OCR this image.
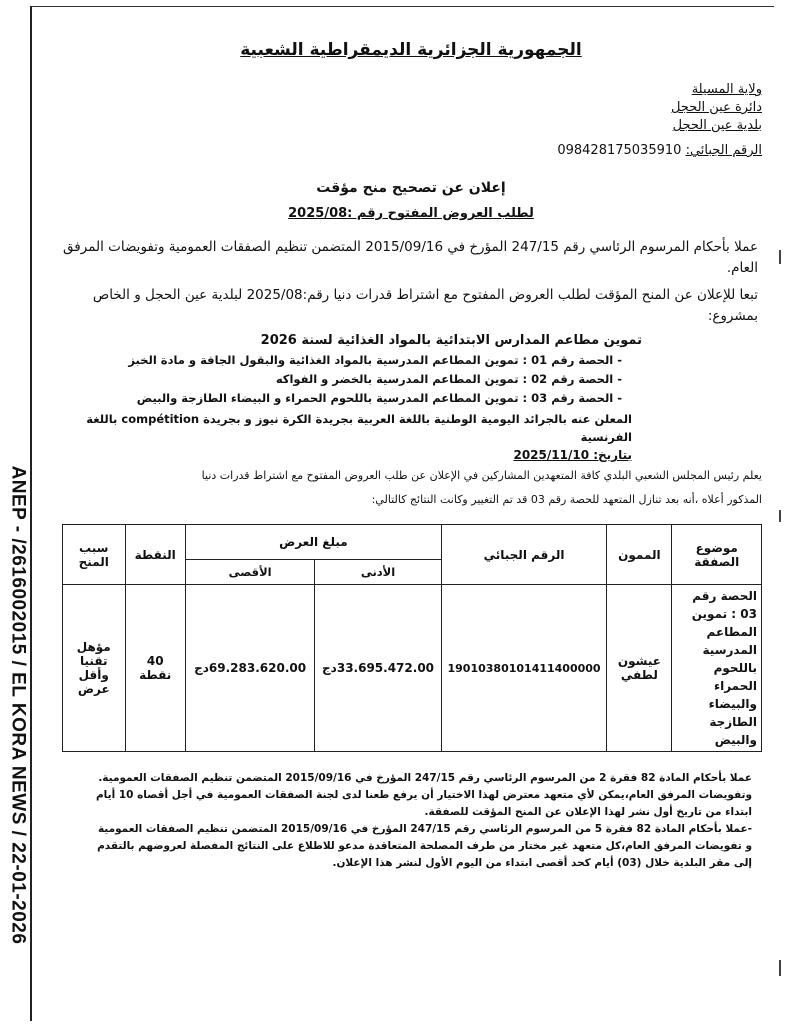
ANEP - /2616002015 / EL KORA NEWS / 22-01-2026
الجمهورية الجزائرية الديمقراطية الشعبية
ولاية المسيلة
دائرة عين الحجل
بلدية عين الحجل
الرقم الجبائي: 098428175035910
إعلان عن تصحيح منح مؤقت
لطلب العروض المفتوح رقم :2025/08

عملا بأحكام المرسوم الرئاسي رقم 247/15 المؤرخ في 2015/09/16 المتضمن تنظيم الصفقات العمومية وتفويضات المرفق العام.

تبعا للإعلان عن المنح المؤقت لطلب العروض المفتوح مع اشتراط قدرات دنيا رقم:2025/08 لبلدية عين الحجل و الخاص بمشروع:

تموين مطاعم المدارس الابتدائية بالمواد الغذائية لسنة 2026
- الحصة رقم 01 : تموين المطاعم المدرسية بالمواد الغذائية والبقول الجافة و مادة الخبز
- الحصة رقم 02 : تموين المطاعم المدرسية بالخضر و الفواكه
- الحصة رقم 03 : تموين المطاعم المدرسية باللحوم الحمراء و البيضاء الطازجة والبيض
المعلن عنه بالجرائد اليومية الوطنية باللغة العربية بجريدة الكرة نيوز و بجريدة compétition باللغة الفرنسية
بتاريخ: 2025/11/10
يعلم رئيس المجلس الشعبي البلدي كافة المتعهدين المشاركين في الإعلان عن طلب العروض المفتوح مع اشتراط قدرات دنيا
المذكور أعلاه ،أنه بعد تنازل المتعهد للحصة رقم 03 قد تم التغيير وكانت النتائج كالتالي:
موضوع الصفقة	الممون	الرقم الجبائي	مبلغ العرض		النقطة	سبب المنح
			الأدنى	الأقصى		
الحصة رقم 03 : تموين المطاعم المدرسية باللحوم الحمراء والبيضاء الطازجة والبيض	عيشون لطفي	19010380101411400000	33.695.472.00دج	69.283.620.00دج	40 نقطة	مؤهل تقنيا وأقل عرض

عملا بأحكام المادة 82 فقرة 2 من المرسوم الرئاسي رقم 247/15 المؤرخ في 2015/09/16 المتضمن تنظيم الصفقات العمومية.

وتفويضات المرفق العام،يمكن لأي متعهد معترض لهذا الاختيار أن يرفع طعنا لدى لجنة الصفقات العمومية في أجل أقصاه 10 أيام ابتداء من تاريخ أول نشر لهذا الإعلان عن المنح المؤقت للصفقة.

-عملا بأحكام المادة 82 فقرة 5 من المرسوم الرئاسي رقم 247/15 المؤرخ في 2015/09/16 المتضمن تنظيم الصفقات العمومية و تفويضات المرفق العام،كل متعهد غير مختار من طرف المصلحة المتعاقدة مدعو للاطلاع على النتائج المفصلة لعروضهم بالتقدم إلى مقر البلدية خلال (03) أيام كحد أقصى ابتداء من اليوم الأول لنشر هذا الإعلان.
